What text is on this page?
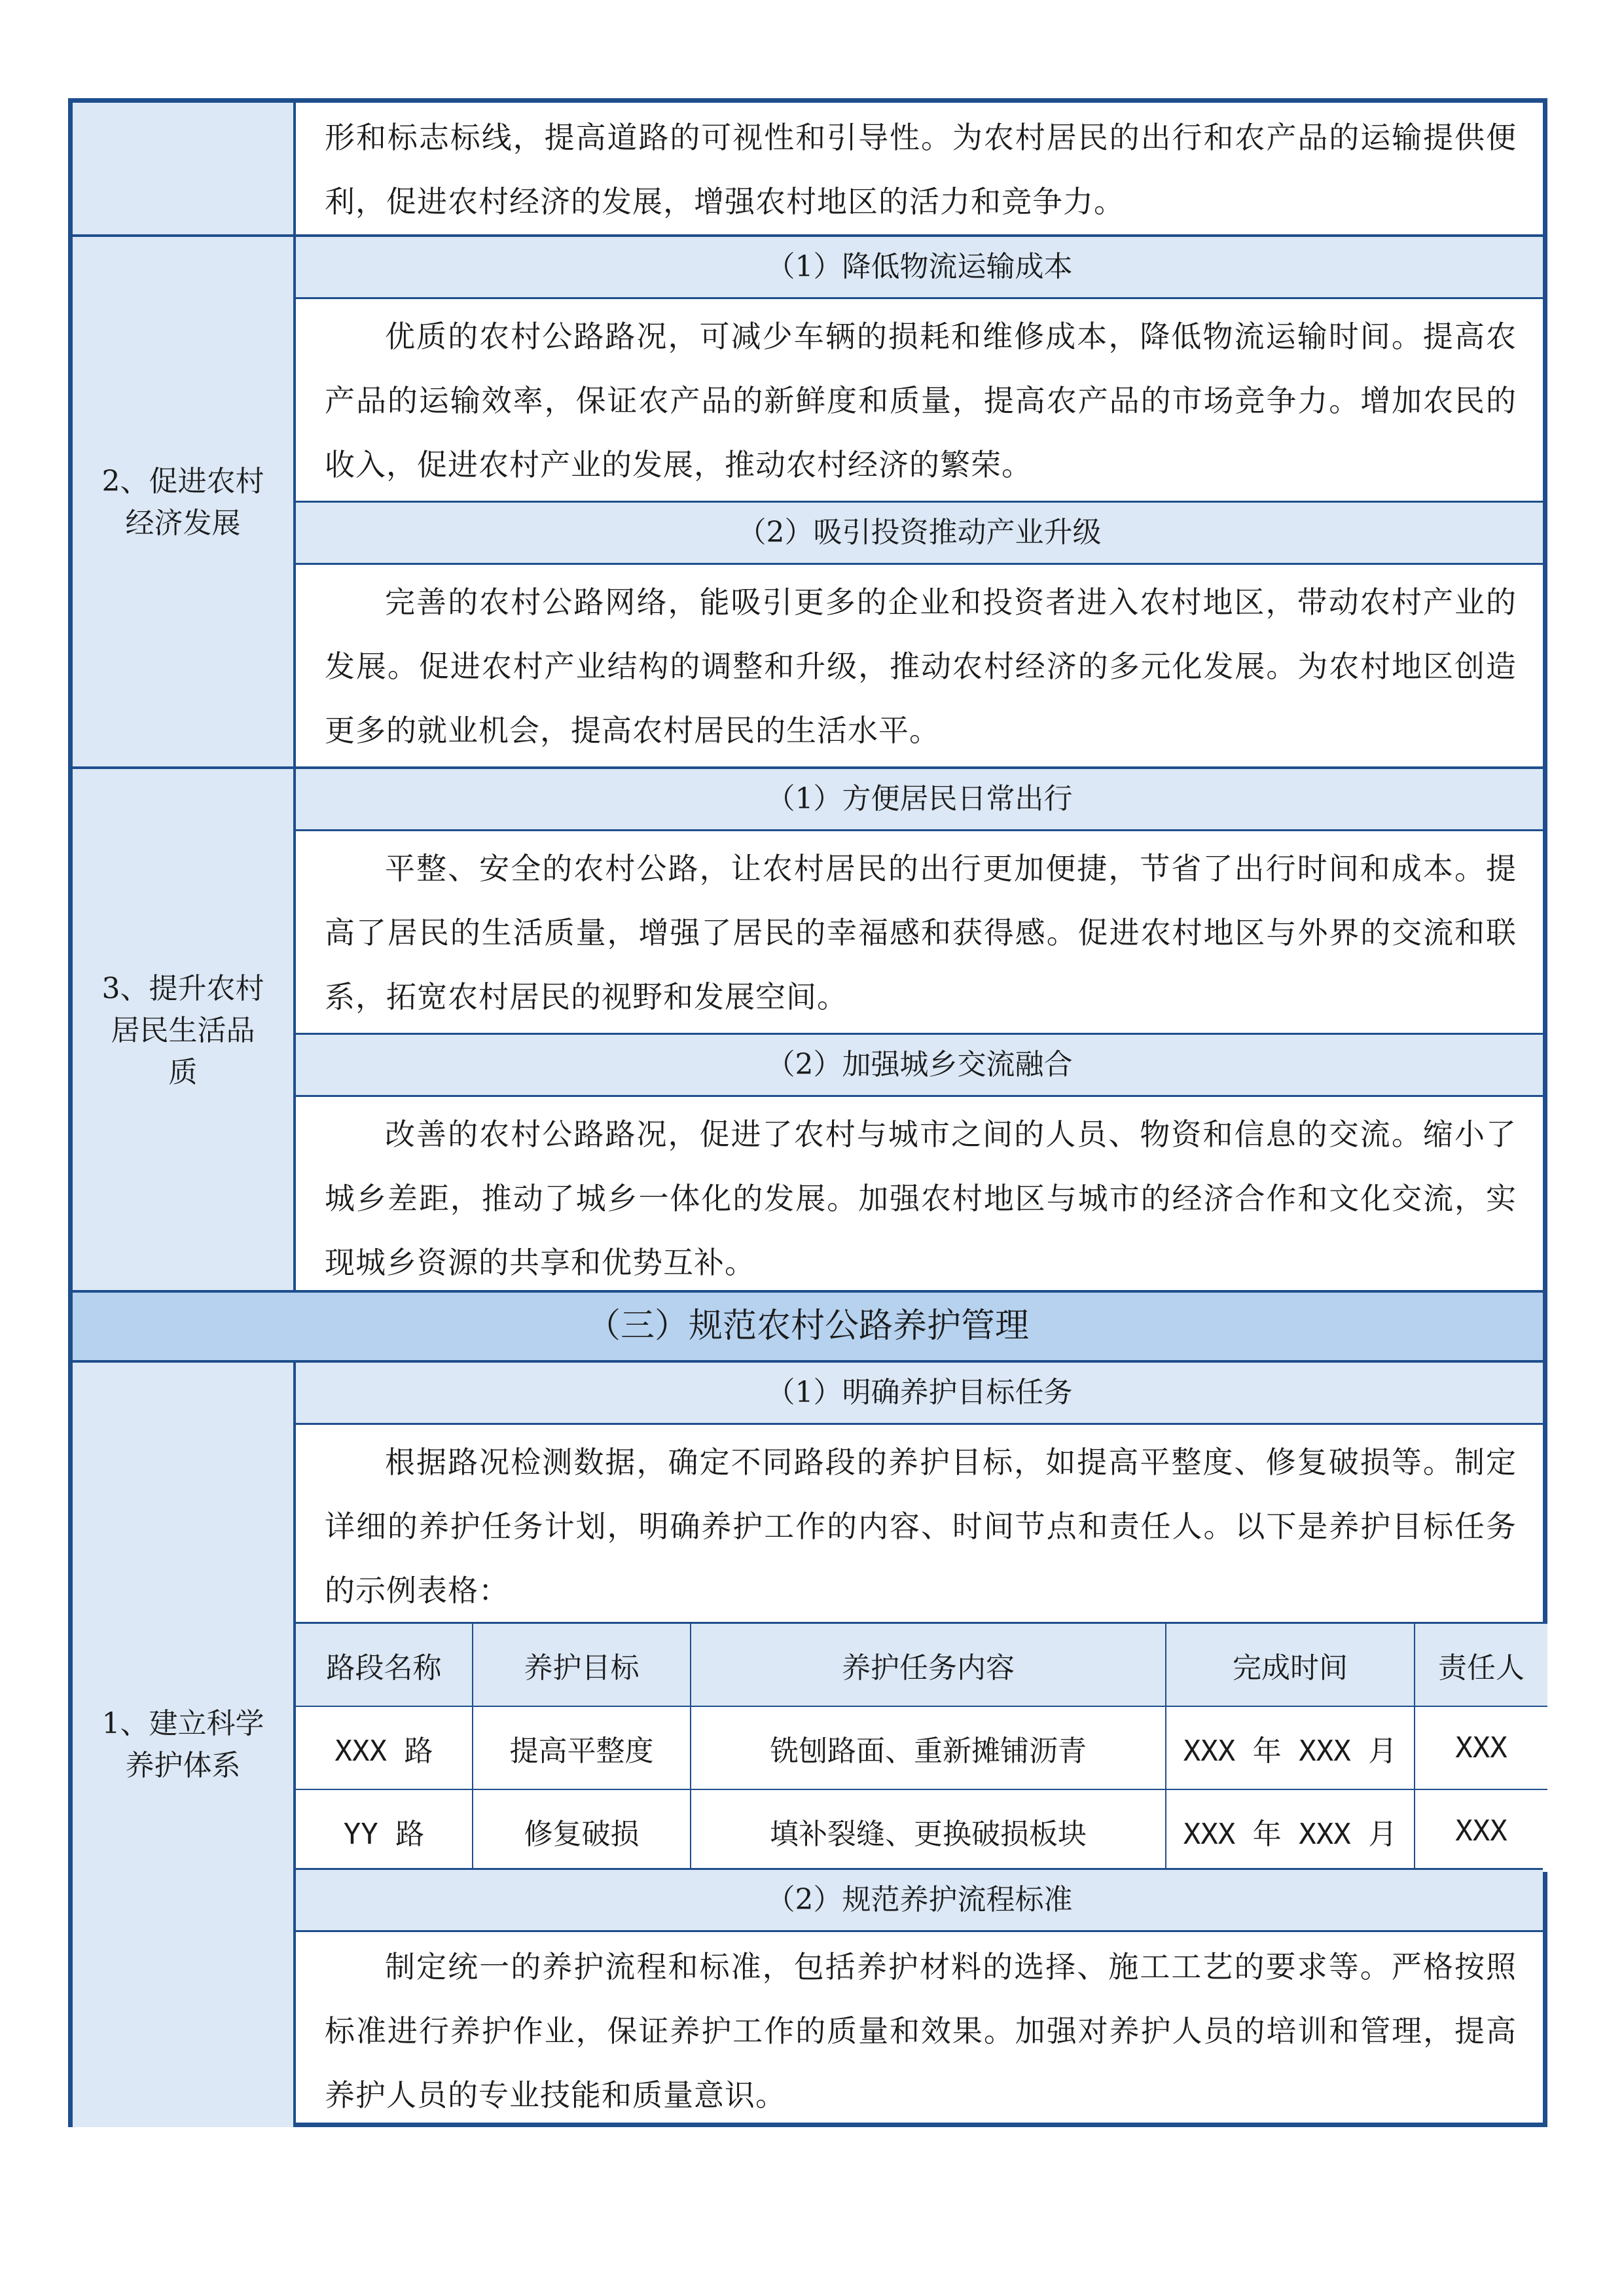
形和标志标线，提高道路的可视性和引导性。为农村居民的出行和农产品的运输提供便利，促进农村经济的发展，增强农村地区的活力和竞争力。
2、促进农村经济发展
（1）降低物流运输成本
优质的农村公路路况，可减少车辆的损耗和维修成本，降低物流运输时间。提高农产品的运输效率，保证农产品的新鲜度和质量，提高农产品的市场竞争力。增加农民的收入，促进农村产业的发展，推动农村经济的繁荣。
（2）吸引投资推动产业升级
完善的农村公路网络，能吸引更多的企业和投资者进入农村地区，带动农村产业的发展。促进农村产业结构的调整和升级，推动农村经济的多元化发展。为农村地区创造更多的就业机会，提高农村居民的生活水平。
3、提升农村居民生活品质
（1）方便居民日常出行
平整、安全的农村公路，让农村居民的出行更加便捷，节省了出行时间和成本。提高了居民的生活质量，增强了居民的幸福感和获得感。促进农村地区与外界的交流和联系，拓宽农村居民的视野和发展空间。
（2）加强城乡交流融合
改善的农村公路路况，促进了农村与城市之间的人员、物资和信息的交流。缩小了城乡差距，推动了城乡一体化的发展。加强农村地区与城市的经济合作和文化交流，实现城乡资源的共享和优势互补。
（三）规范农村公路养护管理
1、建立科学养护体系
（1）明确养护目标任务
根据路况检测数据，确定不同路段的养护目标，如提高平整度、修复破损等。制定详细的养护任务计划，明确养护工作的内容、时间节点和责任人。以下是养护目标任务的示例表格：
路段名称	养护目标	养护任务内容	完成时间	责任人
XXX 路	提高平整度	铣刨路面、重新摊铺沥青	XXX 年 XXX 月	XXX
YY 路	修复破损	填补裂缝、更换破损板块	XXX 年 XXX 月	XXX
（2）规范养护流程标准
制定统一的养护流程和标准，包括养护材料的选择、施工工艺的要求等。严格按照标准进行养护作业，保证养护工作的质量和效果。加强对养护人员的培训和管理，提高养护人员的专业技能和质量意识。
